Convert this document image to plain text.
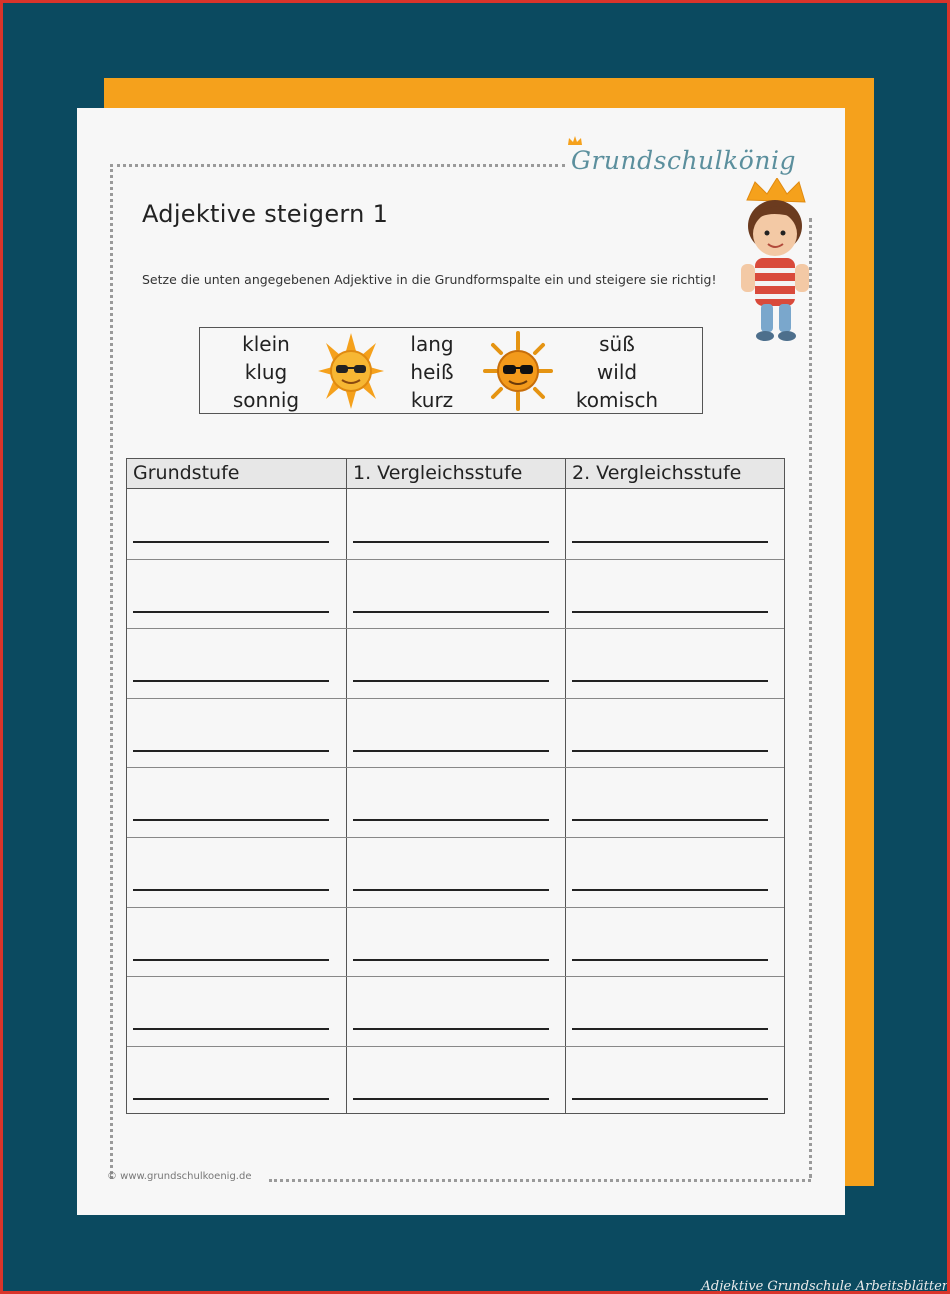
Grundschulkönig
Adjektive steigern 1
Setze die unten angegebenen Adjektive in die Grundformspalte ein und steigere sie richtig!
klein
klug
sonnig
lang
heiß
kurz
süß
wild
komisch
Grundstufe	1. Vergleichsstufe	2. Vergleichsstufe
© www.grundschulkoenig.de
Adjektive Grundschule Arbeitsblätter
